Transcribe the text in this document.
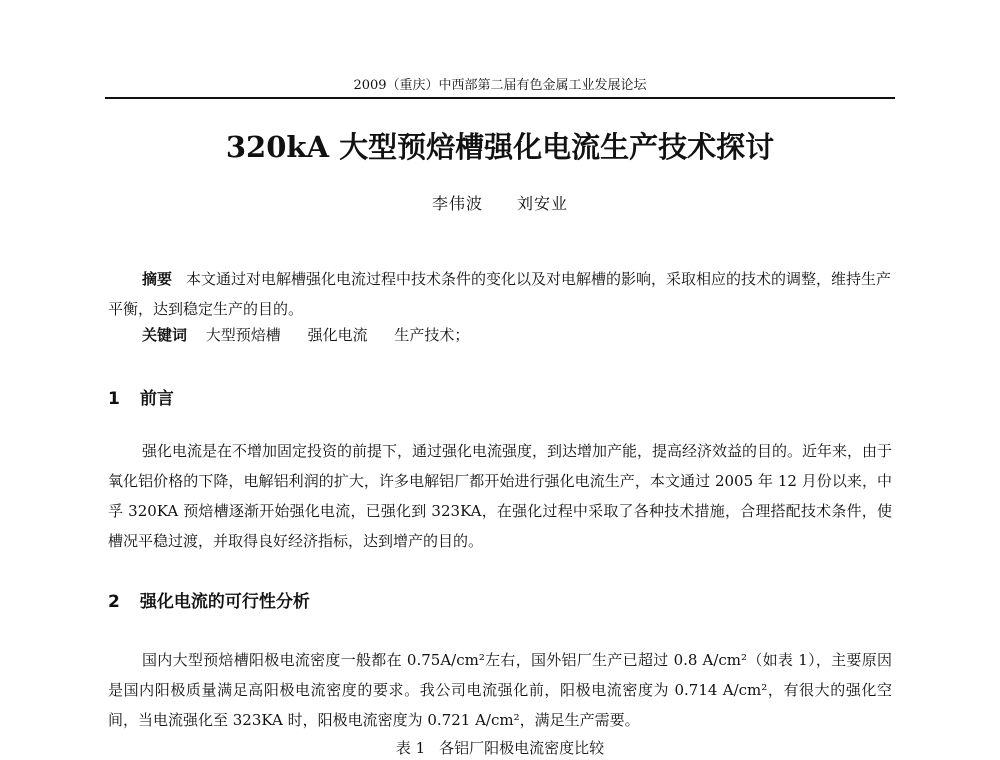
2009（重庆）中西部第二届有色金属工业发展论坛
320kA 大型预焙槽强化电流生产技术探讨
李伟波 刘安业
摘要 本文通过对电解槽强化电流过程中技术条件的变化以及对电解槽的影响，采取相应的技术的调整，维持生产平衡，达到稳定生产的目的。
关键词 大型预焙槽 强化电流 生产技术；
1 前言
强化电流是在不增加固定投资的前提下，通过强化电流强度，到达增加产能，提高经济效益的目的。近年来，由于氧化铝价格的下降，电解铝利润的扩大，许多电解铝厂都开始进行强化电流生产，本文通过 2005 年 12 月份以来，中孚 320KA 预焙槽逐渐开始强化电流，已强化到 323KA，在强化过程中采取了各种技术措施，合理搭配技术条件，使槽况平稳过渡，并取得良好经济指标，达到增产的目的。
2 强化电流的可行性分析
国内大型预焙槽阳极电流密度一般都在 0.75A/cm²左右，国外铝厂生产已超过 0.8 A/cm²（如表 1），主要原因是国内阳极质量满足高阳极电流密度的要求。我公司电流强化前，阳极电流密度为 0.714 A/cm²，有很大的强化空间，当电流强化至 323KA 时，阳极电流密度为 0.721 A/cm²，满足生产需要。
表 1 各铝厂阳极电流密度比较
